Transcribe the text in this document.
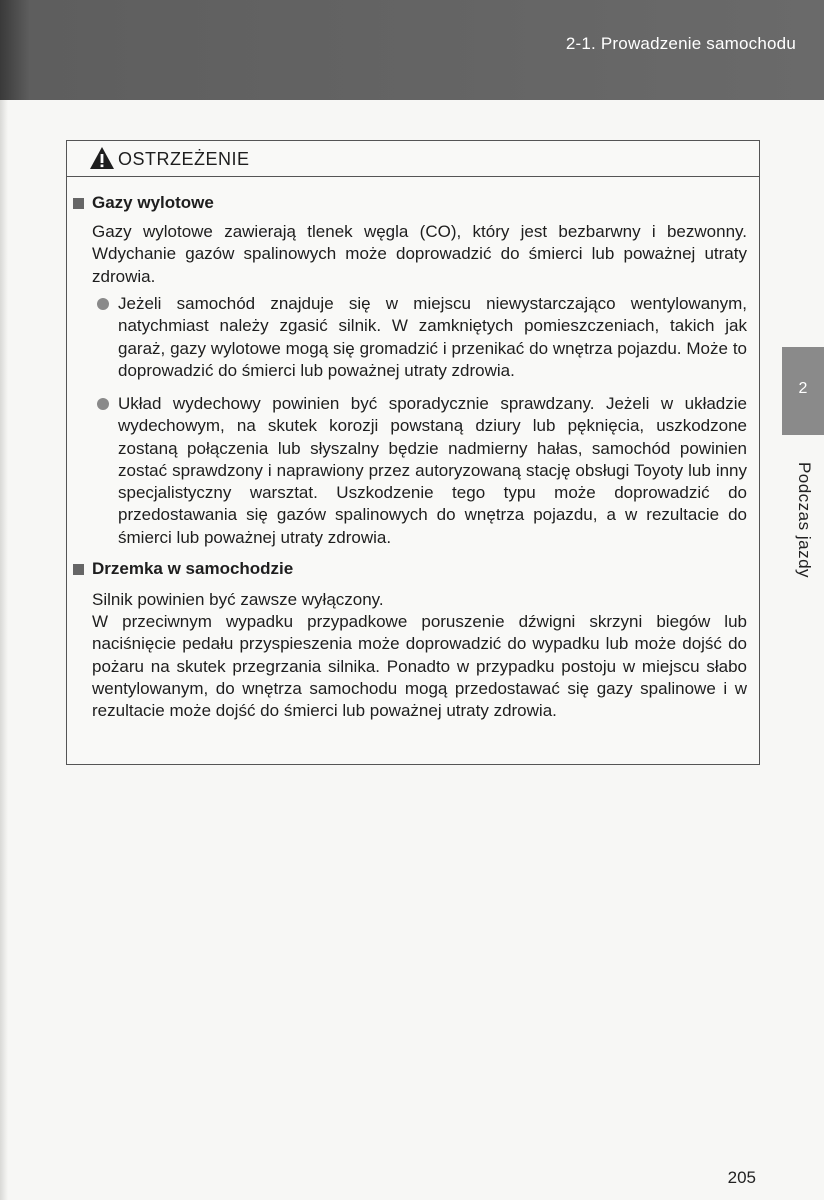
2-1. Prowadzenie samochodu
OSTRZEŻENIE
Gazy wylotowe

Gazy wylotowe zawierają tlenek węgla (CO), który jest bezbarwny i bezwonny. Wdychanie gazów spalinowych może doprowadzić do śmierci lub poważnej utraty zdrowia.

Jeżeli samochód znajduje się w miejscu niewystarczająco wentylowanym, natychmiast należy zgasić silnik. W zamkniętych pomieszczeniach, takich jak garaż, gazy wylotowe mogą się gromadzić i przenikać do wnętrza pojazdu. Może to doprowadzić do śmierci lub poważnej utraty zdrowia.

Układ wydechowy powinien być sporadycznie sprawdzany. Jeżeli w układzie wydechowym, na skutek korozji powstaną dziury lub pęknięcia, uszkodzone zostaną połączenia lub słyszalny będzie nadmierny hałas, samochód powinien zostać sprawdzony i naprawiony przez autoryzowaną stację obsługi Toyoty lub inny specjalistyczny warsztat. Uszkodzenie tego typu może doprowadzić do przedostawania się gazów spalinowych do wnętrza pojazdu, a w rezultacie do śmierci lub poważnej utraty zdrowia.

Drzemka w samochodzie

Silnik powinien być zawsze wyłączony.

W przeciwnym wypadku przypadkowe poruszenie dźwigni skrzyni biegów lub naciśnięcie pedału przyspieszenia może doprowadzić do wypadku lub może dojść do pożaru na skutek przegrzania silnika. Ponadto w przypadku postoju w miejscu słabo wentylowanym, do wnętrza samochodu mogą przedostawać się gazy spalinowe i w rezultacie może dojść do śmierci lub poważnej utraty zdrowia.

2
Podczas jazdy
205
